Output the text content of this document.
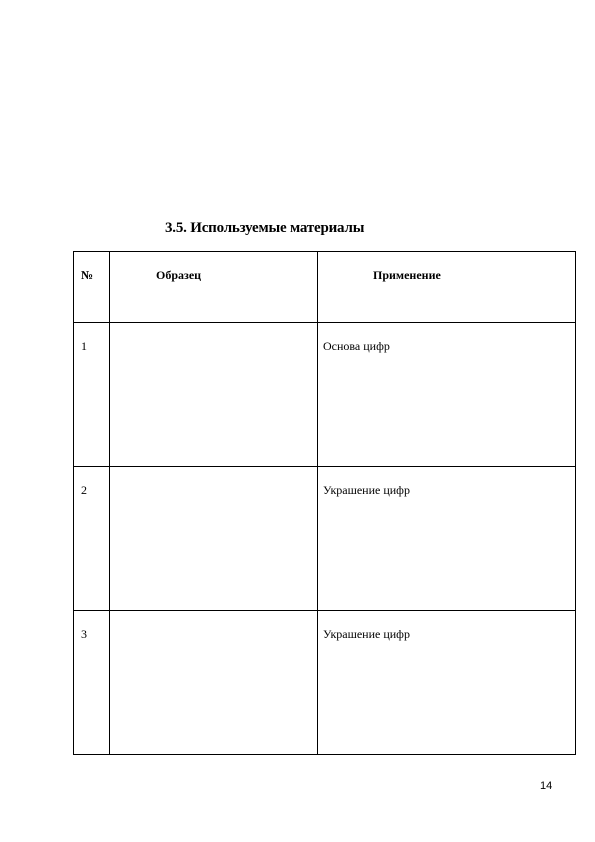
3.5. Используемые материалы
№	Образец	Применение

1		Основа цифр

2		Украшение цифр

3		Украшение цифр
14
